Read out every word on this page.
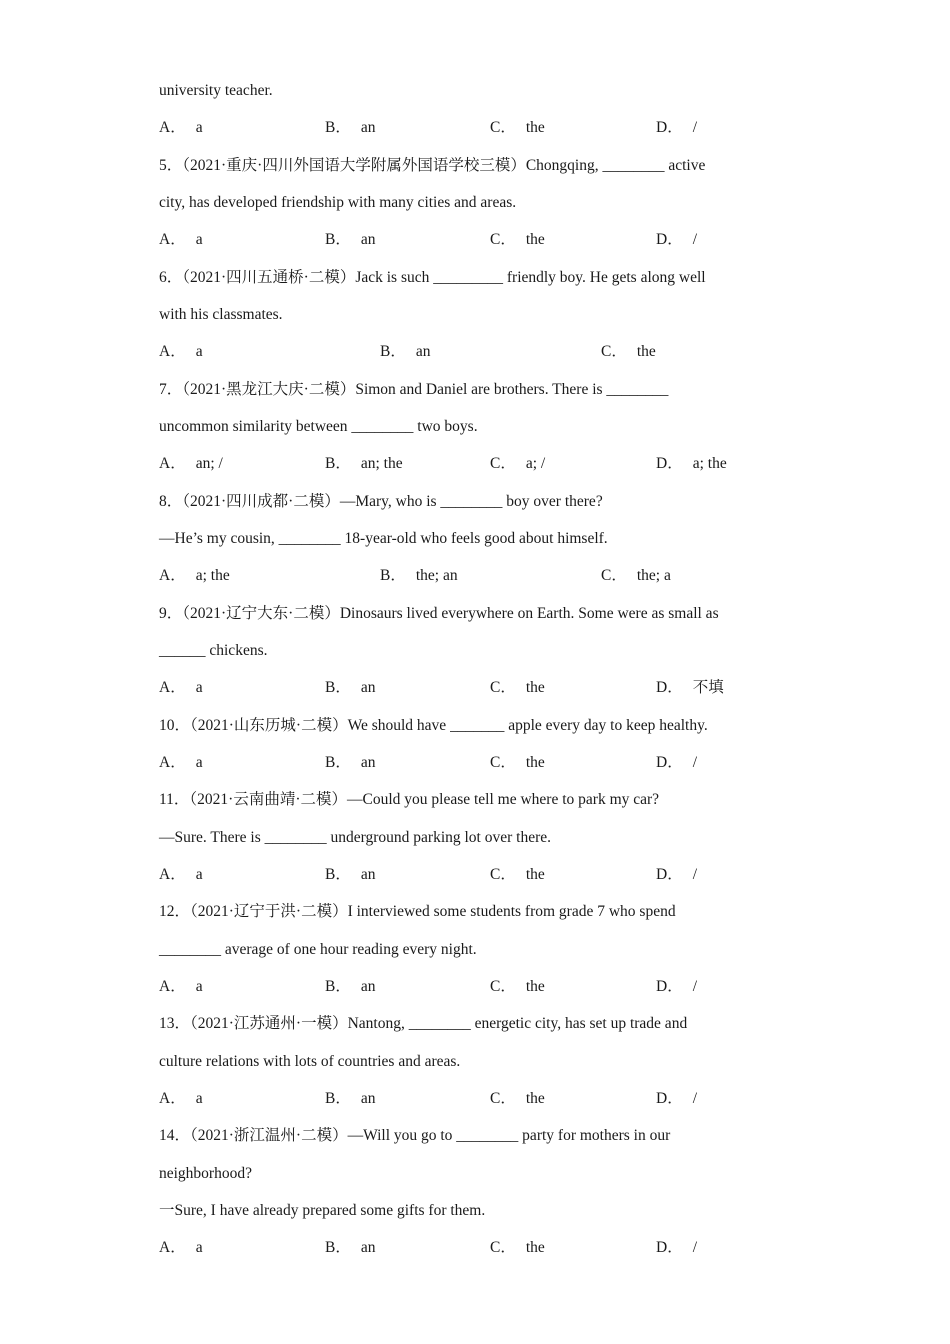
university teacher.
A． a	B． an	C． the	D． /
5．（2021·重庆·四川外国语大学附属外国语学校三模）Chongqing, ________ active
city, has developed friendship with many cities and areas.
A． a	B． an	C． the	D． /
6．（2021·四川五通桥·二模）Jack is such _________ friendly boy. He gets along well
with his classmates.
A． a	B． an	C． the
7．（2021·黑龙江大庆·二模）Simon and Daniel are brothers. There is ________
uncommon similarity between ________ two boys.
A． an; /	B． an; the	C． a; /	D． a; the
8．（2021·四川成都·二模）—Mary, who is ________ boy over there?
—He’s my cousin, ________ 18-year-old who feels good about himself.
A． a; the	B． the; an	C． the; a
9．（2021·辽宁大东·二模）Dinosaurs lived everywhere on Earth. Some were as small as
______ chickens.
A． a	B． an	C． the	D． 不填
10．（2021·山东历城·二模）We should have _______ apple every day to keep healthy.
A． a	B． an	C． the	D． /
11．（2021·云南曲靖·二模）—Could you please tell me where to park my car?
—Sure. There is ________ underground parking lot over there.
A． a	B． an	C． the	D． /
12．（2021·辽宁于洪·二模）I interviewed some students from grade 7 who spend
________ average of one hour reading every night.
A． a	B． an	C． the	D． /
13．（2021·江苏通州·一模）Nantong, ________ energetic city, has set up trade and
culture relations with lots of countries and areas.
A． a	B． an	C． the	D． /
14．（2021·浙江温州·二模）—Will you go to ________ party for mothers in our
neighborhood?
一Sure, I have already prepared some gifts for them.
A． a	B． an	C． the	D． /
